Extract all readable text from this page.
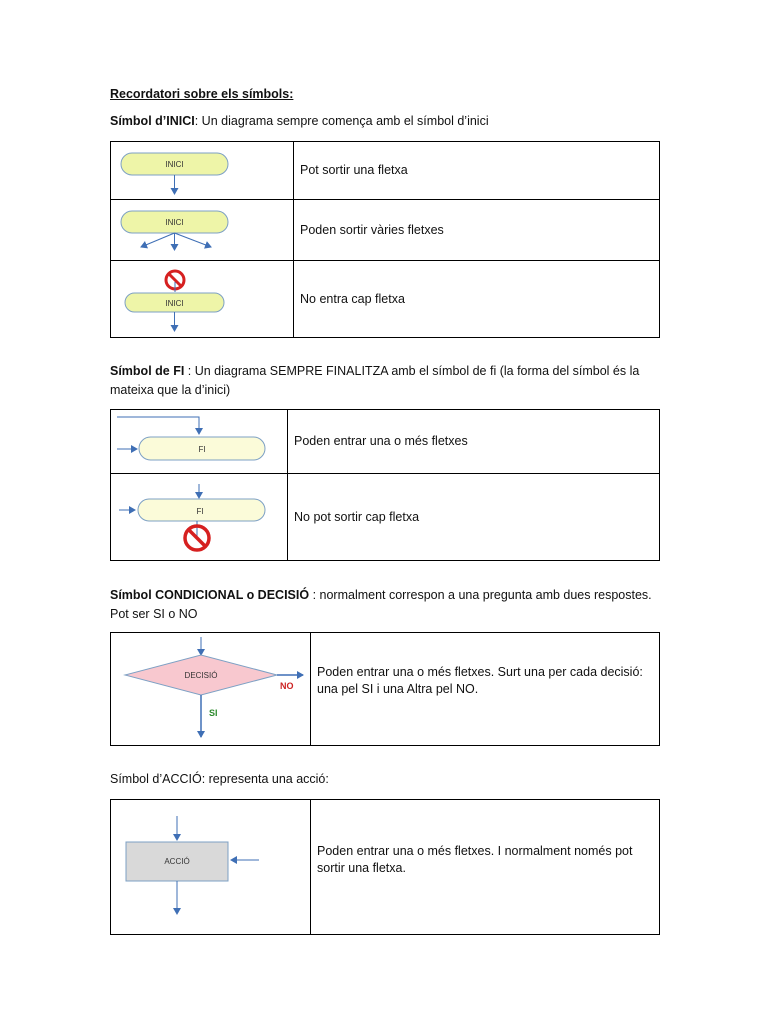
Recordatori sobre els símbols:
Símbol d’INICI: Un diagrama sempre comença amb el símbol d’inici
INICI	Pot sortir una fletxa

INICI	Poden sortir vàries fletxes

INICI	No entra cap fletxa
Símbol de FI : Un diagrama SEMPRE FINALITZA amb el símbol de fi (la forma del símbol és la mateixa que la d’inici)
FI	Poden entrar una o més fletxes

FI	No pot sortir cap fletxa
Símbol CONDICIONAL o DECISIÓ : normalment correspon a una pregunta amb dues respostes. Pot ser SI o NO
DECISIÓ
NO
SI
	Poden entrar una o més fletxes. Surt una per cada decisió: una pel SI i una Altra pel NO.
Símbol d’ACCIÓ: representa una acció:
ACCIÓ
	Poden entrar una o més fletxes. I normalment només pot sortir una fletxa.
